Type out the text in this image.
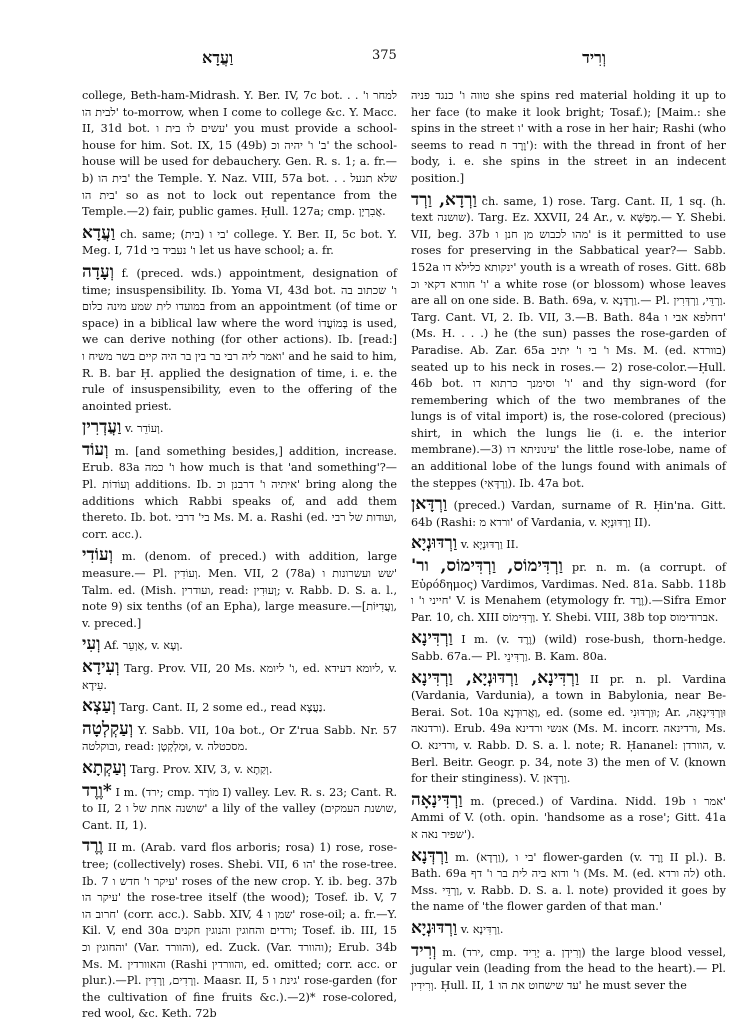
וַעֲדָא	375	וְרִיד

college, Beth-ham-Midrash. Y. Ber. IV, 7c bot. . . למחר ו' לבית הו' to-morrow, when I come to college &c. Y. Macc. II, 31d bot. עשים לו בית ו' you must provide a school-house for him. Sot. IX, 15 (49b) ב' ו' יהיה וכ' the school-house will be used for debauchery. Gen. R. s. 1; a. fr.— b) בית הו' the Temple. Y. Naz. VIII, 57a bot. . . שלא תנעל בית הו' so as not to lock out repentance from the Temple.—2) fair, public games. Ḥull. 127a; cmp. אֲבִרְיָן.

וַעֲדָא ch. same; (בית) בי ו' college. Y. Ber. II, 5c bot. Y. Meg. I, 71d ו' נעביד בי let us have school; a. fr.

וְעָדָה f. (preced. wds.) appointment, designation of time; insuspensibility. Ib. Yoma VI, 43d bot. ו' שכתוב בה במועדו לית שמע מינה כלום from an appointment (of time or space) in a biblical law where the word בְּמוֹעֲדוֹ is used, we can derive nothing (for other actions). Ib. [read:] ואמר ליה רבי בר בין בר היה קיים בשר משיח ו' and he said to him, R. B. bar Ḥ. applied the designation of time, i. e. the rule of insuspensibility, even to the offering of the anointed priest.

וַעֲדְרִין v. וְעוֹדֵר.

וְעוֹד m. [and something besides,] addition, increase. Erub. 83a ו' כמה how much is that 'and something'?— Pl. וְעוֹדוֹת additions. Ib. איתיה ו' דרבנן וכ' bring along the additions which Rabbi speaks of, and add them thereto. Ib. bot. בי' דרבי Ms. M. a. Rashi (ed. ועודות של רבי, corr. acc.).

וְעוֹדִי m. (denom. of preced.) with addition, large measure.— Pl. וְעוֹדִין. Men. VII, 2 (78a) שש ועשרונות ו' Talm. ed. (Mish. ועודרין, read: וְעוּדִין; v. Rabb. D. S. a. l., note 9) six tenths (of an Epha), large measure.—[וַעֲדִיּוֹת, v. preced.]

וְעִי Af. אַוְעֵר, v. וְעָא.

וְעִידָא Targ. Prov. VII, 20 Ms. ו' ליומא, ed. ליומא דעידא, v. עִידָא.

וְעַצְא Targ. Cant. II, 2 some ed., read נַעֲצָא.

וְעַקְלְטָה Y. Sabb. VII, 10a bot., Or Z'rua Sabb. Nr. 57 ובוקלטה, read: וּמַלְקְטָן, v. מסכטלה.

וְעַקְתָא Targ. Prov. XIV, 3, v. וְקַתָא.

*וֶרֶד I m. (ירד; cmp. מוֹרָד I) valley. Lev. R. s. 23; Cant. R. to II, 2 שושנה אחת של ו' a lily of the valley (שושנת העמקים, Cant. II, 1).

וֶרֶד II m. (Arab. vard flos arboris; rosa) 1) rose, rose-tree; (collectively) roses. Shebi. VII, 6 הו' the rose-tree. Ib. 7 עיקר ו' חדש ו' roses of the new crop. Y. ib. beg. 37b עיקר הו' the rose-tree itself (the wood); Tosef. ib. V, 7 חרוב הו' (corr. acc.). Sabb. XIV, 4 שמן ו' rose-oil; a. fr.—Y. Kil. V, end 30a ורדים והחוגין והנוגין חקנים; Tosef. ib. III, 15 והחוגין וכ' (Var. והוורד), ed. Zuck. (Var. והוורד); Erub. 34b Ms. M. והאוורדין (Rashi והוורדין, ed. omitted; corr. acc. or plur.).—Pl. וְרָדִים, וְרָדִין. Maasr. II, 5 גינת ו' rose-garden (for the cultivation of fine fruits &c.).—2)* rose-colored, red wool, &c. Keth. 72b

טווה ו' כנגד פניה she spins red material holding it up to her face (to make it look bright; Tosaf.); [Maim.: she spins in the street ו' with a rose in her hair; Rashi (who seems to read וֶרֶד ח'): with the thread in front of her body, i. e. she spins in the street in an indecent position.]

וַרְדָא, וַרְד ch. same, 1) rose. Targ. Cant. II, 1 sq. (h. text שושנה). Targ. Ez. XXVII, 24 Ar., v. מְפַשָּׁא.— Y. Shebi. VII, beg. 37b מהו לכבוש מן חנן ו' is it permitted to use roses for preserving in the Sabbatical year?— Sabb. 152a ינקותא כלילא דו' youth is a wreath of roses. Gitt. 68b ו' חוורא דקאי וכ' a white rose (or blossom) whose leaves are all on one side. B. Bath. 69a, v. וַרְדָּנָא.— Pl. וַרְדֵּי, וַרְדְּרִין. Targ. Cant. VI, 2. Ib. VII, 3.—B. Bath. 84a דחלפא אבי ו' (Ms. H. . . .) he (the sun) passes the rose-garden of Paradise. Ab. Zar. 65a ו' בי ו' יתיב Ms. M. (ed. בוורדא) seated up to his neck in roses.— 2) rose-color.—Ḥull. 46b bot. ו' וסימנך כרתוא דו' and thy sign-word (for remembering which of the two membranes of the lungs is of vital import) is, the rose-colored (precious) shirt, in which the lungs lie (i. e. the interior membrane).—3) עינוניתא דו' the little rose-lobe, name of an additional lobe of the lungs found with animals of the steppes (וַרְדָּאִי). Ib. 47a bot.

וַרְדָּאן (preced.) Vardan, surname of R. Ḥin'na. Gitt. 64b (Rashi: ורדא מ' of Vardania, v. וַרְדּוּנְיָא II).

וַרְדּוּנְיָא v. וַרְדּוּנְיָא II.

וַרְדִּימוֹס, וַרְדִּימוֹס, ור' pr. n. m. (a corrupt. of Εὐρόδημος) Vardimos, Vardimas. Ned. 81a. Sabb. 118b חייני ו' ו' V. is Menahem (etymology fr. וֶרֶד).—Sifra Emor Par. 10, ch. XIII וַרְדִּימוֹס. Y. Shebi. VIII, 38b top אברודימוס.

וַרְדִּינָא I m. (v. וֶרֶד) (wild) rose-bush, thorn-hedge. Sabb. 67a.— Pl. וַרְדִּינֵי. B. Kam. 80a.

וַרְדִּינָא, וַרְדּוּנְיָא, וַרְדִּינָא II pr. n. pl. Vardina (Vardania, Vardunia), a town in Babylonia, near Be-Berai. Sot. 10a וַאֲרוּדְנָא, ed. (some ed. וּוַרְדּוּנִי; Ar. וּוַרְדִּינָאָה, ורדנאה). Erub. 49a אנשי ורדינא (Ms. M. incorr. ורדינאה, Ms. O. ורדינא, v. Rabb. D. S. a. l. note; R. Ḥananel: הוורדן, v. Berl. Beitr. Geogr. p. 34, note 3) the men of V. (known for their stinginess). V. וַרְדָּאן.

וַרְדִּינָאָה m. (preced.) of Vardina. Nidd. 19b אמר ו' Ammi of V. (oth. opin. 'handsome as a rose'; Gitt. 41a שפיר נאה א').

וַרְדְּנָא m. (וַרְדָא), בי ו' flower-garden (v. וֶרֶד II pl.). B. Bath. 69a ו' ודוא ביה לית בר ו' דף (Ms. M. (ed. לה ורדא) oth. Mss. וַרְדֵּי, v. Rabb. D. S. a. l. note) provided it goes by the name of 'the flower garden of that man.'

וַרְדּוּנְיָא v. וַרְדִּינָא.

וְרִיד m. (ירד, cmp. יָרִיד a. וְרִידְן) the large blood vessel, jugular vein (leading from the head to the heart).— Pl. וְרִידִין. Ḥull. II, 1 עד שישחוט את הו' he must sever the
